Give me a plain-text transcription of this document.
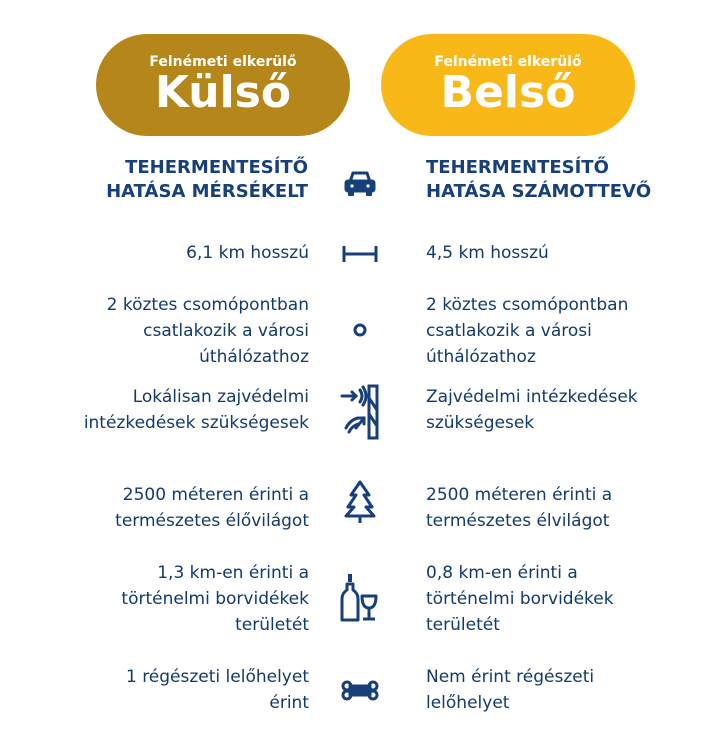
Felnémeti elkerülő
Külső
Felnémeti elkerülő
Belső
TEHERMENTESÍTŐ
HATÁSA MÉRSÉKELT
TEHERMENTESÍTŐ
HATÁSA SZÁMOTTEVŐ
6,1 km hosszú
2 köztes csomópontban
csatlakozik a városi
úthálózathoz
Lokálisan zajvédelmi
intézkedések szükségesek
2500 méteren érinti a
természetes élővilágot
1,3 km-en érinti a
történelmi borvidékek
területét
1 régészeti lelőhelyet
érint
4,5 km hosszú
2 köztes csomópontban
csatlakozik a városi
úthálózathoz
Zajvédelmi intézkedések
szükségesek
2500 méteren érinti a
természetes élvilágot
0,8 km-en érinti a
történelmi borvidékek
területét
Nem érint régészeti
lelőhelyet
